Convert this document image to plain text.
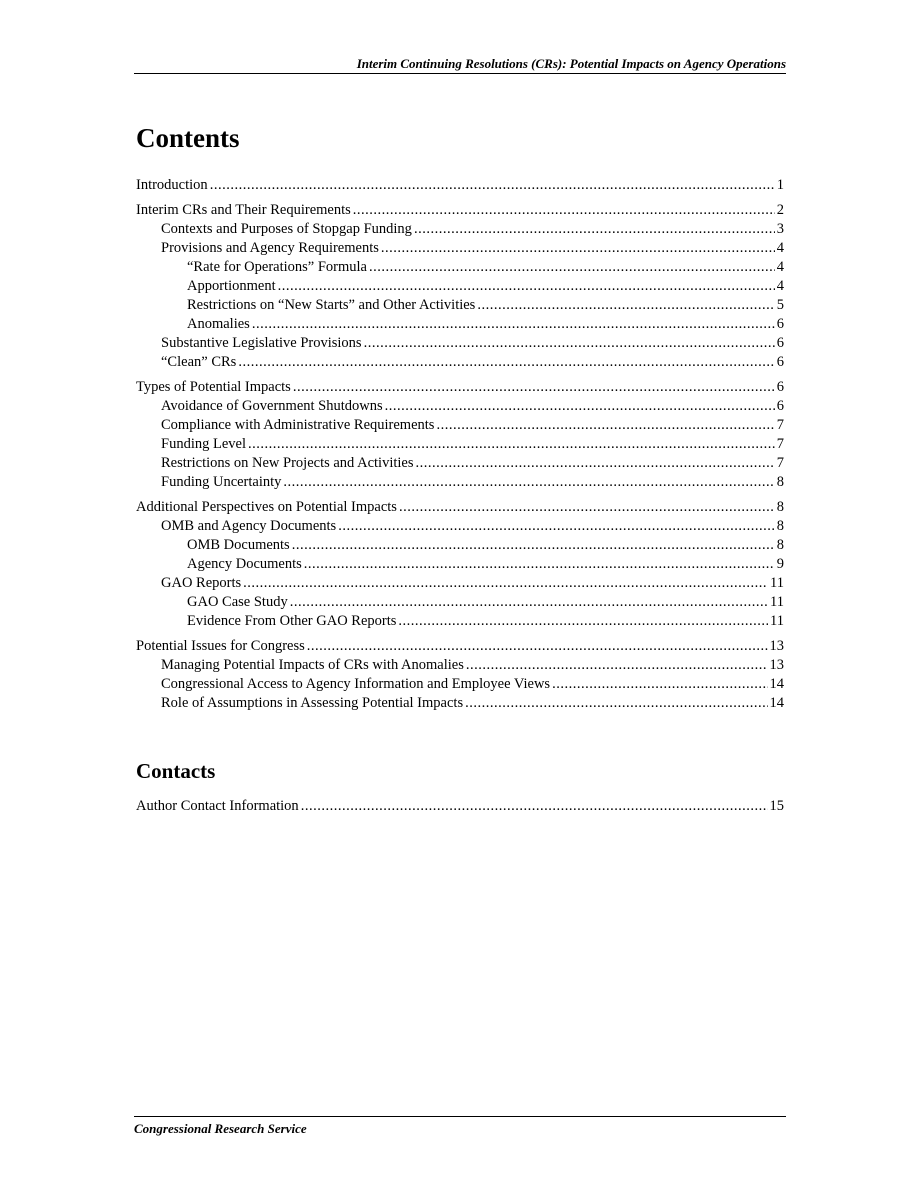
Interim Continuing Resolutions (CRs): Potential Impacts on Agency Operations
Contents
Introduction .....	1
Interim CRs and Their Requirements .....	2
Contexts and Purposes of Stopgap Funding .....	3
Provisions and Agency Requirements .....	4
“Rate for Operations” Formula .....	4
Apportionment .....	4
Restrictions on “New Starts” and Other Activities .....	5
Anomalies .....	6
Substantive Legislative Provisions .....	6
“Clean” CRs .....	6
Types of Potential Impacts .....	6
Avoidance of Government Shutdowns .....	6
Compliance with Administrative Requirements .....	7
Funding Level .....	7
Restrictions on New Projects and Activities .....	7
Funding Uncertainty .....	8
Additional Perspectives on Potential Impacts .....	8
OMB and Agency Documents .....	8
OMB Documents .....	8
Agency Documents .....	9
GAO Reports .....	11
GAO Case Study .....	11
Evidence From Other GAO Reports .....	11
Potential Issues for Congress .....	13
Managing Potential Impacts of CRs with Anomalies .....	13
Congressional Access to Agency Information and Employee Views .....	14
Role of Assumptions in Assessing Potential Impacts .....	14
Contacts
Author Contact Information .....	15
Congressional Research Service
